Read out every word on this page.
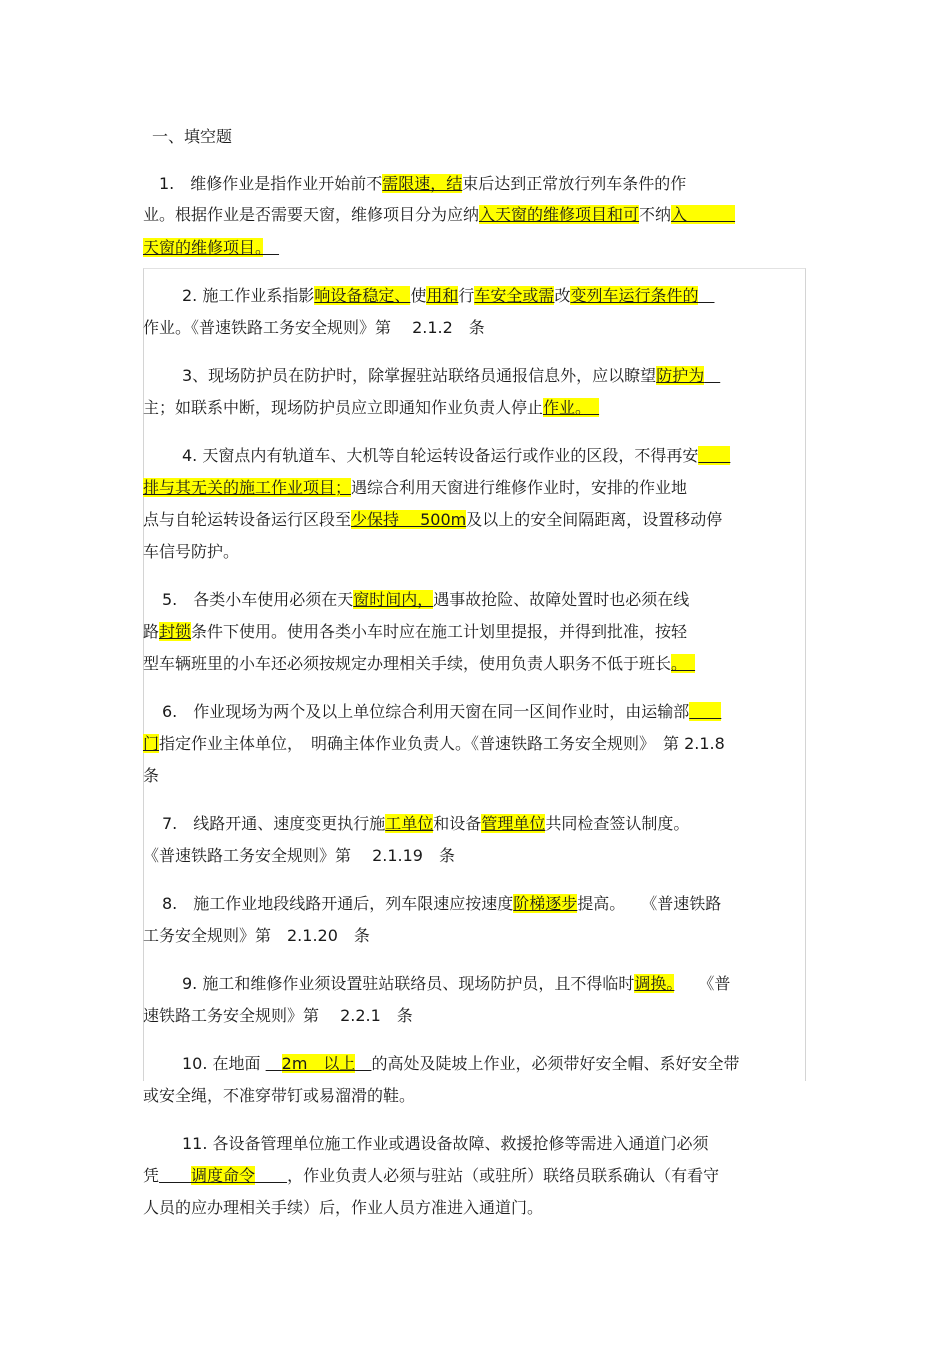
一、填空题
1.　维修作业是指作业开始前不需限速，结束后达到正常放行列车条件的作
业。根据作业是否需要天窗，维修项目分为应纳入天窗的维修项目和可不纳入　　　
天窗的维修项目。　
2. 施工作业系指影响设备稳定、使用和行车安全或需改变列车运行条件的　
作业。《普速铁路工务安全规则》第　 2.1.2　条
3、现场防护员在防护时，除掌握驻站联络员通报信息外，应以瞭望防护为　
主；如联系中断，现场防护员应立即通知作业负责人停止作业。　
4. 天窗点内有轨道车、大机等自轮运转设备运行或作业的区段，不得再安　　
排与其无关的施工作业项目；遇综合利用天窗进行维修作业时，安排的作业地
点与自轮运转设备运行区段至少保持　 500m及以上的安全间隔距离，设置移动停
车信号防护。
5.　各类小车使用必须在天窗时间内，遇事故抢险、故障处置时也必须在线
路封锁条件下使用。使用各类小车时应在施工计划里提报，并得到批准，按轻
型车辆班里的小车还必须按规定办理相关手续，使用负责人职务不低于班长。　
6.　作业现场为两个及以上单位综合利用天窗在同一区间作业时，由运输部　　
门指定作业主体单位，　明确主体作业负责人。《普速铁路工务安全规则》　第 2.1.8
条
7.　线路开通、速度变更执行施工单位和设备管理单位共同检查签认制度。
《普速铁路工务安全规则》第　 2.1.19　条
8.　施工作业地段线路开通后，列车限速应按速度阶梯逐步提高。　　《普速铁路
工务安全规则》第　2.1.20　条
9. 施工和维修作业须设置驻站联络员、现场防护员，且不得临时调换。　　《普
速铁路工务安全规则》第　 2.2.1　条
10. 在地面 　2m　以上　 的高处及陡坡上作业，必须带好安全帽、系好安全带
或安全绳，不准穿带钉或易溜滑的鞋。
11. 各设备管理单位施工作业或遇设备故障、救援抢修等需进入通道门必须
凭　　 调度命令　　 ，作业负责人必须与驻站（或驻所）联络员联系确认（有看守
人员的应办理相关手续）后，作业人员方准进入通道门。
